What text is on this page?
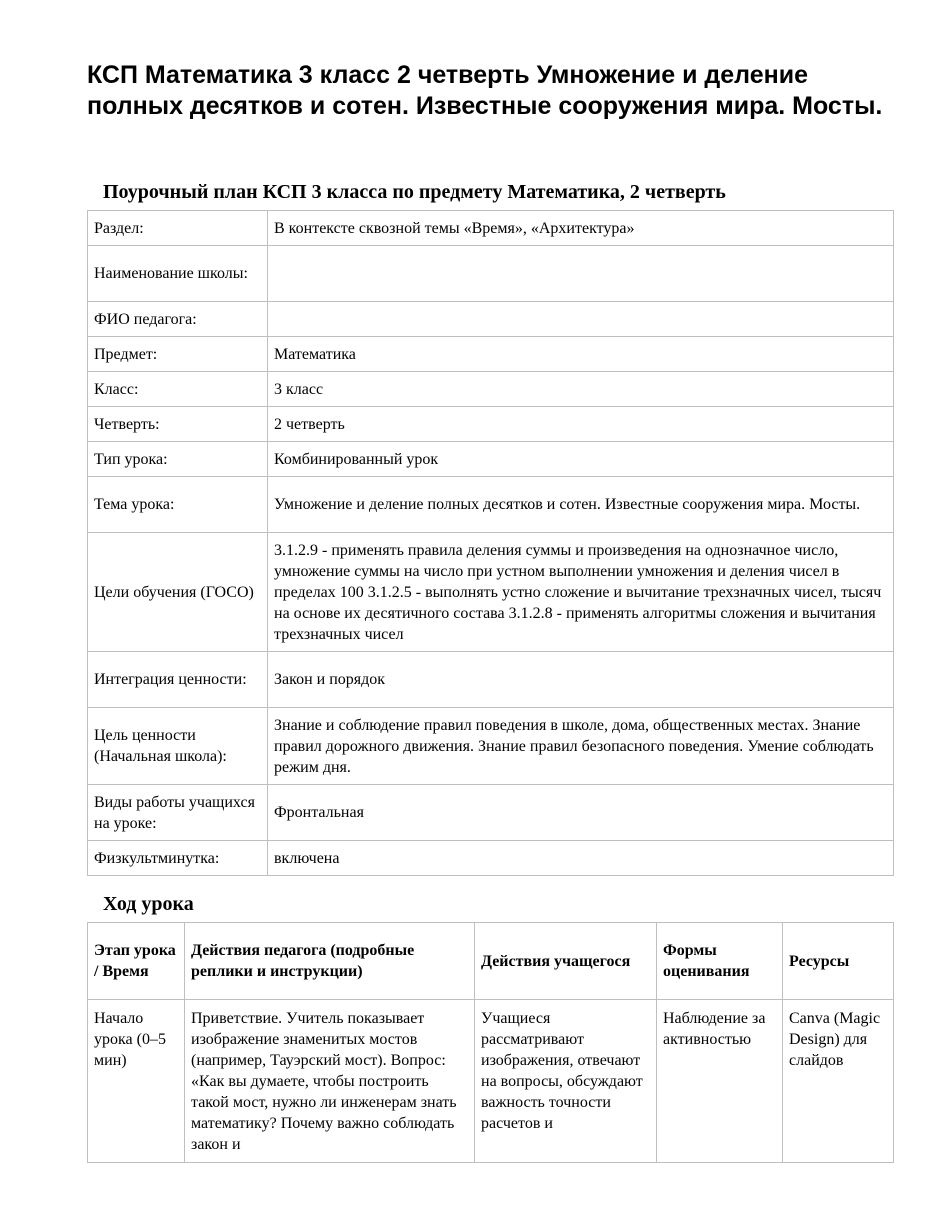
КСП Математика 3 класс 2 четверть Умножение и деление полных десятков и сотен. Известные сооружения мира. Мосты.
Поурочный план КСП 3 класса по предмету Математика, 2 четверть
Раздел:	В контексте сквозной темы «Время», «Архитектура»
Наименование школы:	
ФИО педагога:	
Предмет:	Математика
Класс:	3 класс
Четверть:	2 четверть
Тип урока:	Комбинированный урок
Тема урока:	Умножение и деление полных десятков и сотен. Известные сооружения мира. Мосты.
Цели обучения (ГОСО)	3.1.2.9 - применять правила деления суммы и произведения на однозначное число, умножение суммы на число при устном выполнении умножения и деления чисел в пределах 100 3.1.2.5 - выполнять устно сложение и вычитание трехзначных чисел, тысяч на основе их десятичного состава 3.1.2.8 - применять алгоритмы сложения и вычитания трехзначных чисел
Интеграция ценности:	Закон и порядок
Цель ценности (Начальная школа):	Знание и соблюдение правил поведения в школе, дома, общественных местах. Знание правил дорожного движения. Знание правил безопасного поведения. Умение соблюдать режим дня.
Виды работы учащихся на уроке:	Фронтальная
Физкультминутка:	включена
Ход урока
Этап урока / Время	Действия педагога (подробные реплики и инструкции)	Действия учащегося	Формы оценивания	Ресурсы

Начало урока (0–5 мин)	Приветствие. Учитель показывает изображение знаменитых мостов (например, Тауэрский мост). Вопрос: «Как вы думаете, чтобы построить такой мост, нужно ли инженерам знать математику? Почему важно соблюдать закон и	Учащиеся рассматривают изображения, отвечают на вопросы, обсуждают важность точности расчетов и	Наблюдение за активностью	Canva (Magic Design) для слайдов
